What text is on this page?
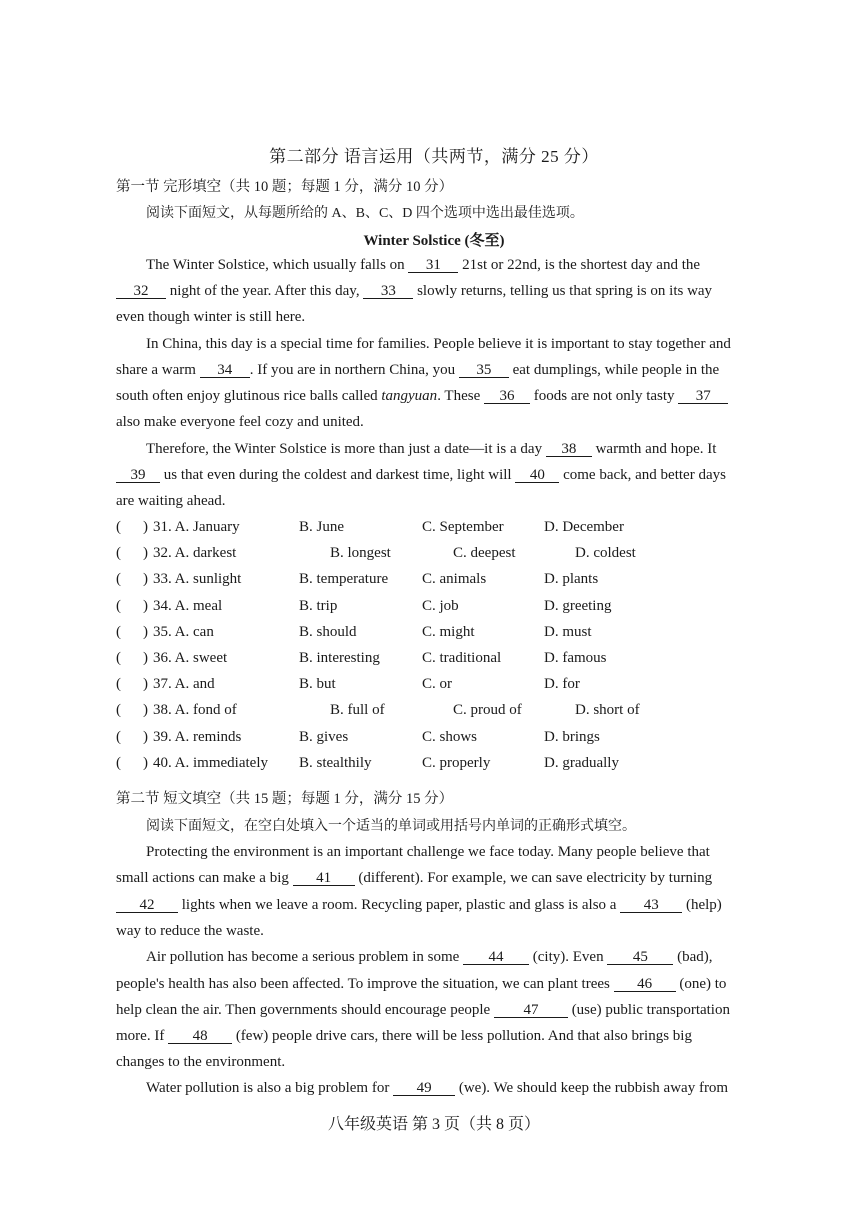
第二部分 语言运用（共两节，满分 25 分）
第一节 完形填空（共 10 题；每题 1 分，满分 10 分）
阅读下面短文，从每题所给的 A、B、C、D 四个选项中选出最佳选项。
Winter Solstice (冬至)
The Winter Solstice, which usually falls on 31 21st or 22nd, is the shortest day and the
32 night of the year. After this day, 33 slowly returns, telling us that spring is on its way
even though winter is still here.
In China, this day is a special time for families. People believe it is important to stay together and
share a warm 34 . If you are in northern China, you 35 eat dumplings, while people in the
south often enjoy glutinous rice balls called tangyuan. These 36 foods are not only tasty 37
also make everyone feel cozy and united.
Therefore, the Winter Solstice is more than just a date—it is a day 38 warmth and hope. It
39 us that even during the coldest and darkest time, light will 40 come back, and better days
are waiting ahead.
( ) 31. A. January	B. June	C. September	D. December
( ) 32. A. darkest	B. longest	C. deepest	D. coldest
( ) 33. A. sunlight	B. temperature C. animals	D. plants
( ) 34. A. meal	B. trip	C. job	D. greeting
( ) 35. A. can	B. should	C. might	D. must
( ) 36. A. sweet	B. interesting	C. traditional	D. famous
( ) 37. A. and	B. but	C. or	D. for
( ) 38. A. fond of	B. full of	C. proud of	D. short of
( ) 39. A. reminds	B. gives	C. shows	D. brings
( ) 40. A. immediately B. stealthily	C. properly	D. gradually
第二节 短文填空（共 15 题；每题 1 分，满分 15 分）
阅读下面短文，在空白处填入一个适当的单词或用括号内单词的正确形式填空。
Protecting the environment is an important challenge we face today. Many people believe that
small actions can make a big 41 (different). For example, we can save electricity by turning
42 lights when we leave a room. Recycling paper, plastic and glass is also a 43 (help)
way to reduce the waste.
Air pollution has become a serious problem in some 44 (city). Even 45 (bad),
people's health has also been affected. To improve the situation, we can plant trees 46 (one) to
help clean the air. Then governments should encourage people 47 (use) public transportation
more. If 48 (few) people drive cars, there will be less pollution. And that also brings big
changes to the environment.
Water pollution is also a big problem for 49 (we). We should keep the rubbish away from
八年级英语 第 3 页（共 8 页）
